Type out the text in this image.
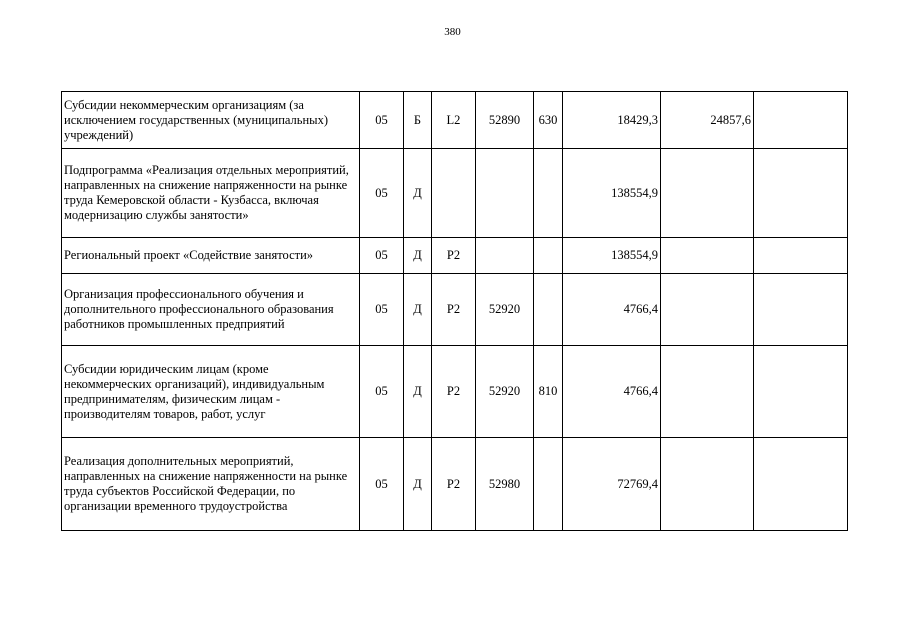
380
Субсидии некоммерческим организациям (за исключением государственных (муниципальных) учреждений)	05	Б	L2	52890	630	18429,3	24857,6	
Подпрограмма «Реализация отдельных мероприятий, направленных на снижение напряженности на рынке труда Кемеровской области - Кузбасса, включая модернизацию службы занятости»	05	Д				138554,9		
Региональный проект «Содействие занятости»	05	Д	Р2			138554,9		
Организация профессионального обучения и дополнительного профессионального образования работников промышленных предприятий	05	Д	Р2	52920		4766,4		
Субсидии юридическим лицам (кроме некоммерческих организаций), индивидуальным предпринимателям, физическим лицам - производителям товаров, работ, услуг	05	Д	Р2	52920	810	4766,4		
Реализация дополнительных мероприятий, направленных на снижение напряженности на рынке труда субъектов Российской Федерации, по организации временного трудоустройства	05	Д	Р2	52980		72769,4		
